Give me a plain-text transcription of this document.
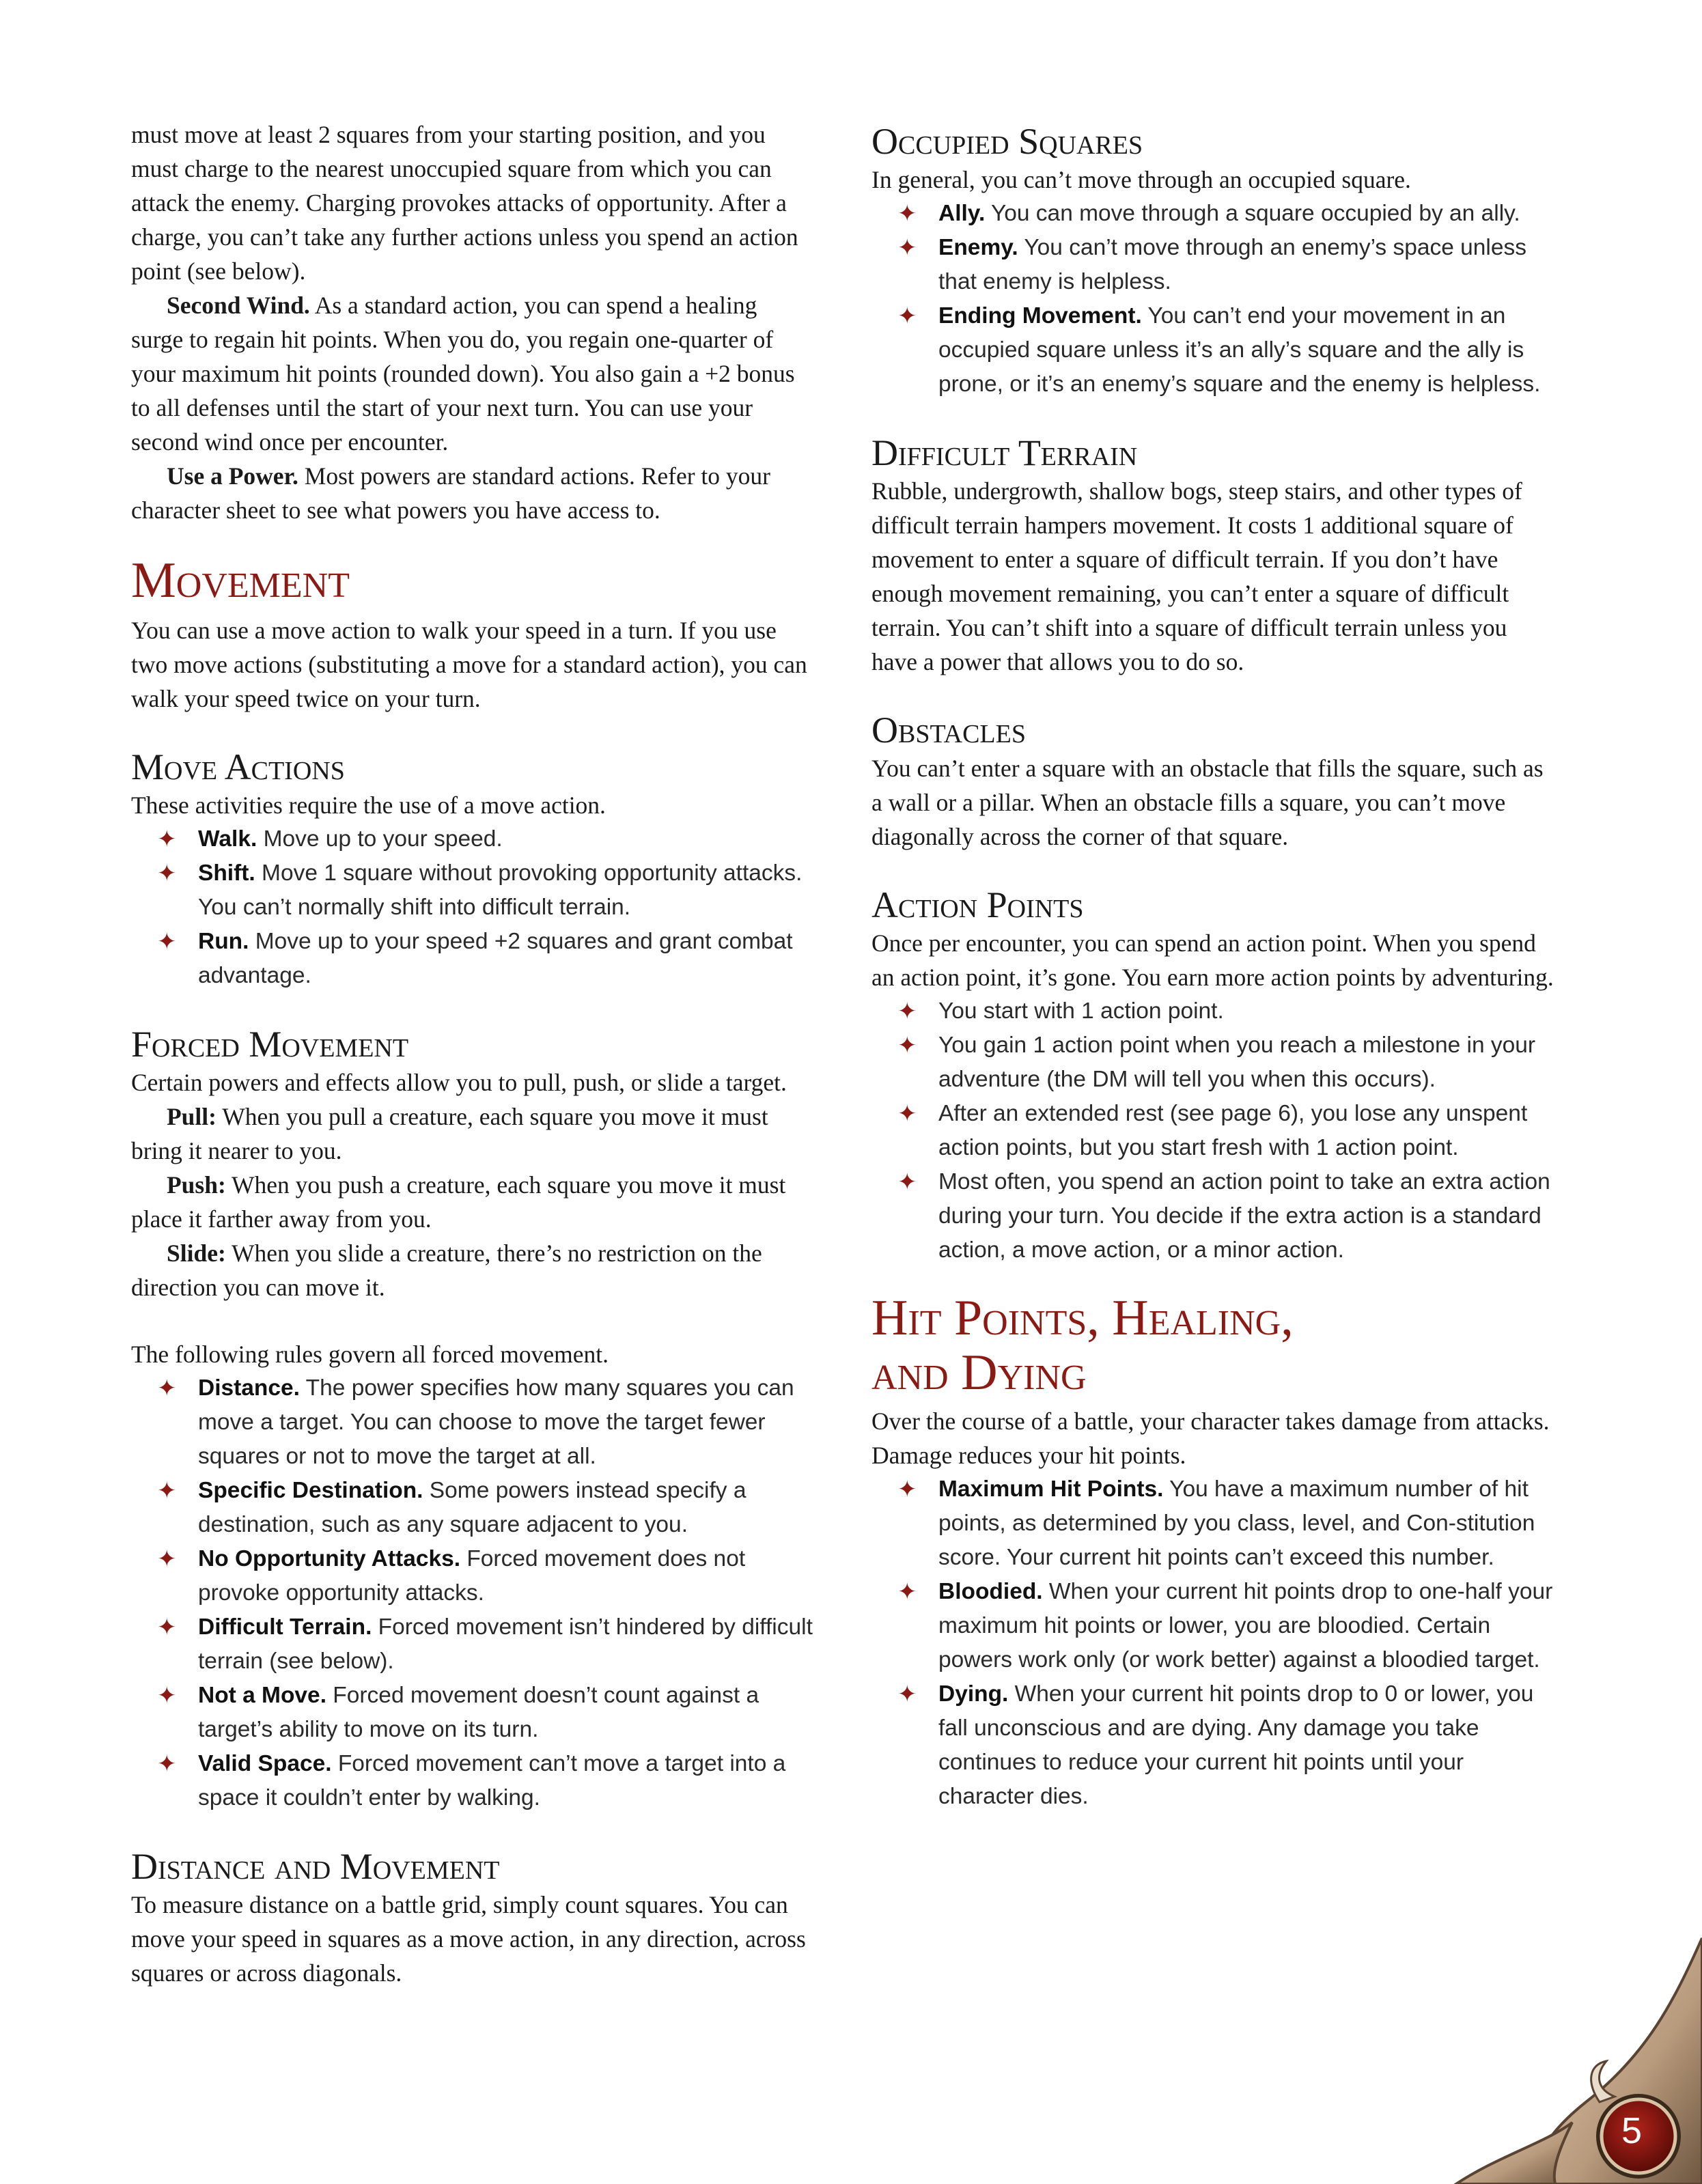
must move at least 2 squares from your starting position, and you must charge to the nearest unoccupied square from which you can attack the enemy. Charging provokes attacks of opportunity. After a charge, you can’t take any further actions unless you spend an action point (see below).

Second Wind. As a standard action, you can spend a healing surge to regain hit points. When you do, you regain one-quarter of your maximum hit points (rounded down). You also gain a +2 bonus to all defenses until the start of your next turn. You can use your second wind once per encounter.

Use a Power. Most powers are standard actions. Refer to your character sheet to see what powers you have access to.

Movement

You can use a move action to walk your speed in a turn. If you use two move actions (substituting a move for a standard action), you can walk your speed twice on your turn.

Move Actions

These activities require the use of a move action.

✦ Walk. Move up to your speed.
✦ Shift. Move 1 square without provoking opportunity attacks. You can’t normally shift into difficult terrain.
✦ Run. Move up to your speed +2 squares and grant combat advantage.
Forced Movement

Certain powers and effects allow you to pull, push, or slide a target.

Pull: When you pull a creature, each square you move it must bring it nearer to you.

Push: When you push a creature, each square you move it must place it farther away from you.

Slide: When you slide a creature, there’s no restriction on the direction you can move it.

The following rules govern all forced movement.

✦ Distance. The power specifies how many squares you can move a target. You can choose to move the target fewer squares or not to move the target at all.
✦ Specific Destination. Some powers instead specify a destination, such as any square adjacent to you.
✦ No Opportunity Attacks. Forced movement does not provoke opportunity attacks.
✦ Difficult Terrain. Forced movement isn’t hindered by difficult terrain (see below).
✦ Not a Move. Forced movement doesn’t count against a target’s ability to move on its turn.
✦ Valid Space. Forced movement can’t move a target into a space it couldn’t enter by walking.
Distance and Movement

To measure distance on a battle grid, simply count squares. You can move your speed in squares as a move action, in any direction, across squares or across diagonals.

Occupied Squares

In general, you can’t move through an occupied square.

✦ Ally. You can move through a square occupied by an ally.
✦ Enemy. You can’t move through an enemy’s space unless that enemy is helpless.
✦ Ending Movement. You can’t end your movement in an occupied square unless it’s an ally’s square and the ally is prone, or it’s an enemy’s square and the enemy is helpless.
Difficult Terrain

Rubble, undergrowth, shallow bogs, steep stairs, and other types of difficult terrain hampers movement. It costs 1 additional square of movement to enter a square of difficult terrain. If you don’t have enough movement remaining, you can’t enter a square of difficult terrain. You can’t shift into a square of difficult terrain unless you have a power that allows you to do so.

Obstacles

You can’t enter a square with an obstacle that fills the square, such as a wall or a pillar. When an obstacle fills a square, you can’t move diagonally across the corner of that square.

Action Points

Once per encounter, you can spend an action point. When you spend an action point, it’s gone. You earn more action points by adventuring.

✦ You start with 1 action point.
✦ You gain 1 action point when you reach a milestone in your adventure (the DM will tell you when this occurs).
✦ After an extended rest (see page 6), you lose any unspent action points, but you start fresh with 1 action point.
✦ Most often, you spend an action point to take an extra action during your turn. You decide if the extra action is a standard action, a move action, or a minor action.
Hit Points, Healing,
and Dying

Over the course of a battle, your character takes damage from attacks. Damage reduces your hit points.

✦ Maximum Hit Points. You have a maximum number of hit points, as determined by you class, level, and Con-stitution score. Your current hit points can’t exceed this number.
✦ Bloodied. When your current hit points drop to one-half your maximum hit points or lower, you are bloodied. Certain powers work only (or work better) against a bloodied target.
✦ Dying. When your current hit points drop to 0 or lower, you fall unconscious and are dying. Any damage you take continues to reduce your current hit points until your character dies.
5
